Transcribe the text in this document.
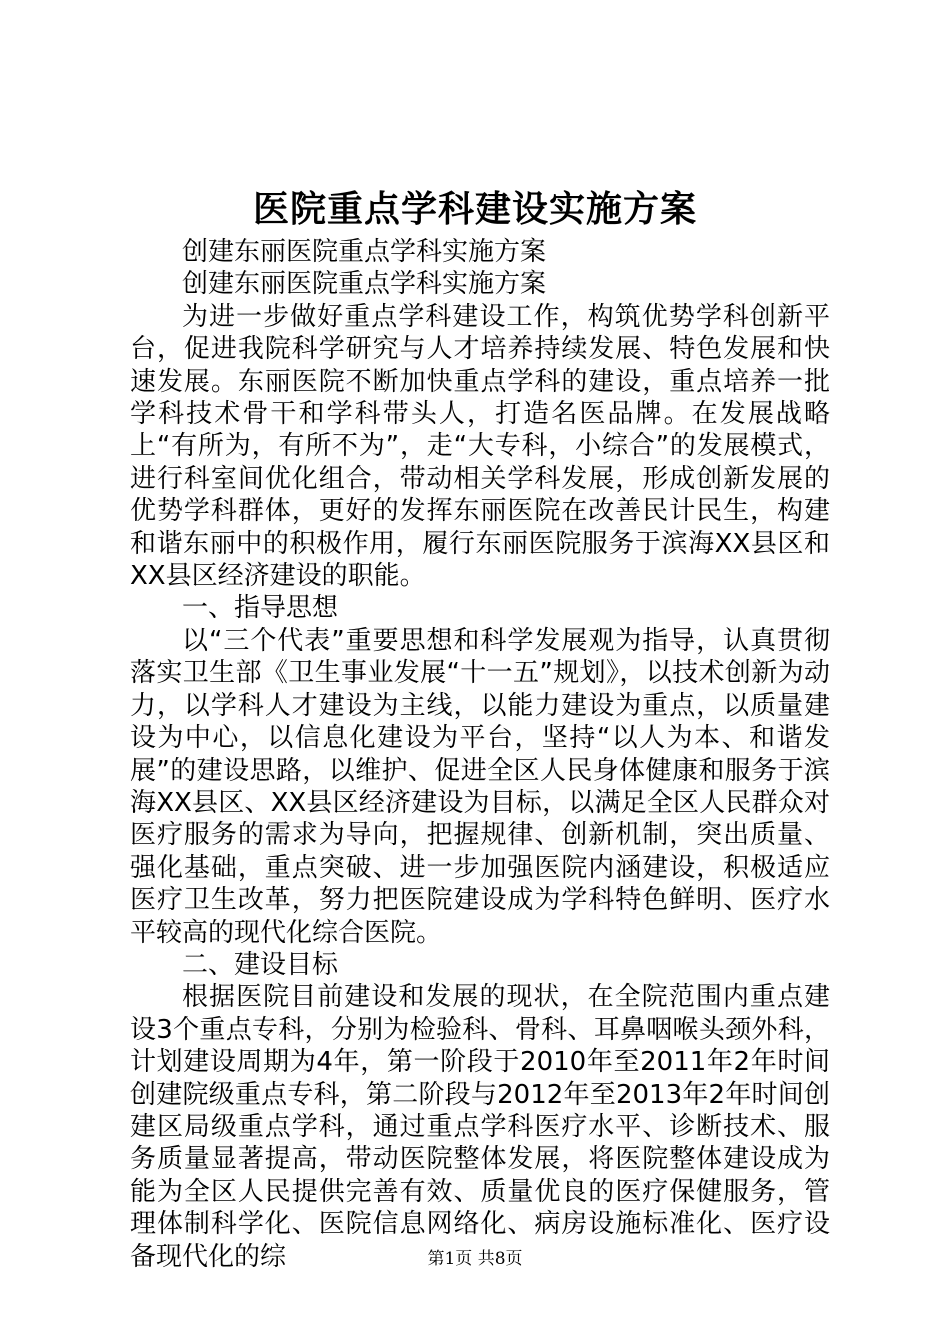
医院重点学科建设实施方案

创建东丽医院重点学科实施方案

创建东丽医院重点学科实施方案

为进一步做好重点学科建设工作，构筑优势学科创新平台，促进我院科学研究与人才培养持续发展、特色发展和快速发展。东丽医院不断加快重点学科的建设，重点培养一批学科技术骨干和学科带头人，打造名医品牌。在发展战略上“有所为，有所不为”，走“大专科，小综合”的发展模式，进行科室间优化组合，带动相关学科发展，形成创新发展的优势学科群体，更好的发挥东丽医院在改善民计民生，构建和谐东丽中的积极作用，履行东丽医院服务于滨海XX县区和XX县区经济建设的职能。

一、指导思想

以“三个代表”重要思想和科学发展观为指导，认真贯彻落实卫生部《卫生事业发展“十一五”规划》，以技术创新为动力，以学科人才建设为主线，以能力建设为重点，以质量建设为中心，以信息化建设为平台，坚持“以人为本、和谐发展”的建设思路，以维护、促进全区人民身体健康和服务于滨海XX县区、XX县区经济建设为目标，以满足全区人民群众对医疗服务的需求为导向，把握规律、创新机制，突出质量、强化基础，重点突破、进一步加强医院内涵建设，积极适应医疗卫生改革，努力把医院建设成为学科特色鲜明、医疗水平较高的现代化综合医院。

二、建设目标

根据医院目前建设和发展的现状，在全院范围内重点建设3个重点专科，分别为检验科、骨科、耳鼻咽喉头颈外科，计划建设周期为4年，第一阶段于2010年至2011年2年时间创建院级重点专科，第二阶段与2012年至2013年2年时间创建区局级重点学科，通过重点学科医疗水平、诊断技术、服务质量显著提高，带动医院整体发展，将医院整体建设成为能为全区人民提供完善有效、质量优良的医疗保健服务，管理体制科学化、医院信息网络化、病房设施标准化、医疗设备现代化的综	第1页 共8页
